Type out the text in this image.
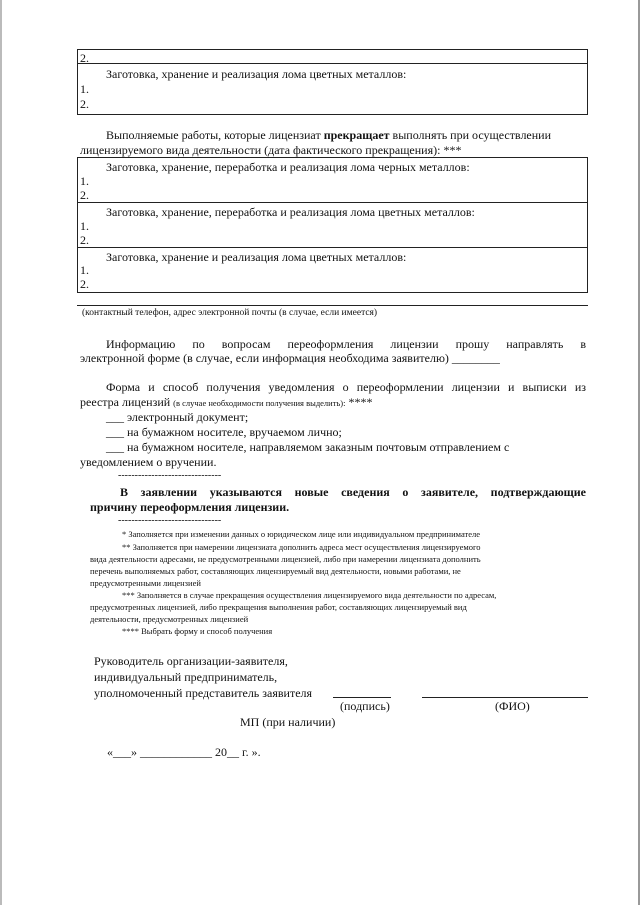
2.
Заготовка, хранение и реализация лома цветных металлов:
1.
2.
Выполняемые работы, которые лицензиат прекращает выполнять при осуществлении
лицензируемого вида деятельности (дата фактического прекращения): ***
Заготовка, хранение, переработка и реализация лома черных металлов:
1.
2.
Заготовка, хранение, переработка и реализация лома цветных металлов:
1.
2.
Заготовка, хранение и реализация лома цветных металлов:
1.
2.
(контактный телефон, адрес электронной почты (в случае, если имеется)
Информацию по вопросам переоформления лицензии прошу направлять в
электронной форме (в случае, если информация необходима заявителю) ________
Форма и способ получения уведомления о переоформлении лицензии и выписки из
реестра лицензий (в случае необходимости получения выделить): ****
___ электронный документ;
___ на бумажном носителе, вручаемом лично;
___ на бумажном носителе, направляемом заказным почтовым отправлением с
уведомлением о вручении.
-------------------------------
В заявлении указываются новые сведения о заявителе, подтверждающие
причину переоформления лицензии.
-------------------------------
* Заполняется при изменении данных о юридическом лице или индивидуальном предпринимателе
** Заполняется при намерении лицензиата дополнить адреса мест осуществления лицензируемого
вида деятельности адресами, не предусмотренными лицензией, либо при намерении лицензиата дополнить
перечень выполняемых работ, составляющих лицензируемый вид деятельности, новыми работами, не
предусмотренными лицензией
*** Заполняется в случае прекращения осуществления лицензируемого вида деятельности по адресам,
предусмотренных лицензией, либо прекращения выполнения работ, составляющих лицензируемый вид
деятельности, предусмотренных лицензией
**** Выбрать форму и способ получения
Руководитель организации-заявителя,
индивидуальный предприниматель,
уполномоченный представитель заявителя
(подпись)	(ФИО)
МП (при наличии)
«___» ____________ 20__ г. ».
